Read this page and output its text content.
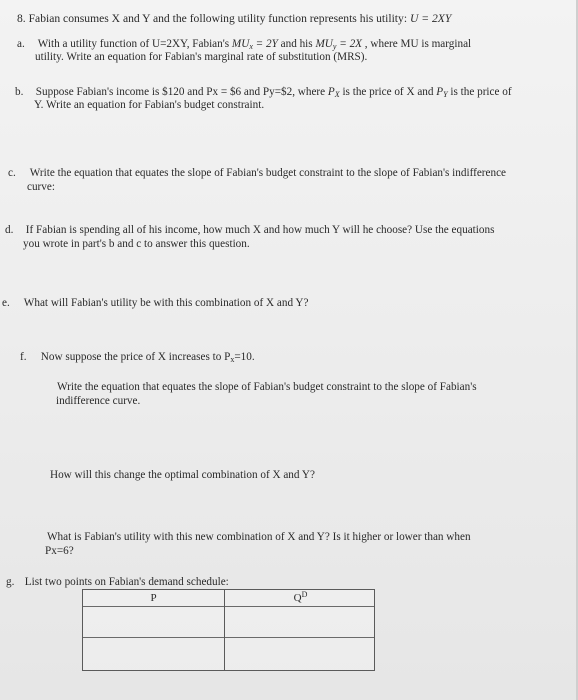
8. Fabian consumes X and Y and the following utility function represents his utility: U = 2XY
a. With a utility function of U=2XY, Fabian's $MU_x = 2Y$ and his $MU_y = 2X$ , where MU is marginal
utility. Write an equation for Fabian's marginal rate of substitution (MRS).
b. Suppose Fabian's income is $120 and Px = $6 and Py=$2, where $P_X$ is the price of X and $P_Y$ is the price of
Y. Write an equation for Fabian's budget constraint.
c. Write the equation that equates the slope of Fabian's budget constraint to the slope of Fabian's indifference
curve:
d. If Fabian is spending all of his income, how much X and how much Y will he choose? Use the equations
you wrote in part's b and c to answer this question.
e. What will Fabian's utility be with this combination of X and Y?
f. Now suppose the price of X increases to $P_x=10$.
Write the equation that equates the slope of Fabian's budget constraint to the slope of Fabian's
indifference curve.
How will this change the optimal combination of X and Y?
What is Fabian's utility with this new combination of X and Y? Is it higher or lower than when
Px=6?
g. List two points on Fabian's demand schedule:
P	$Q^D$
